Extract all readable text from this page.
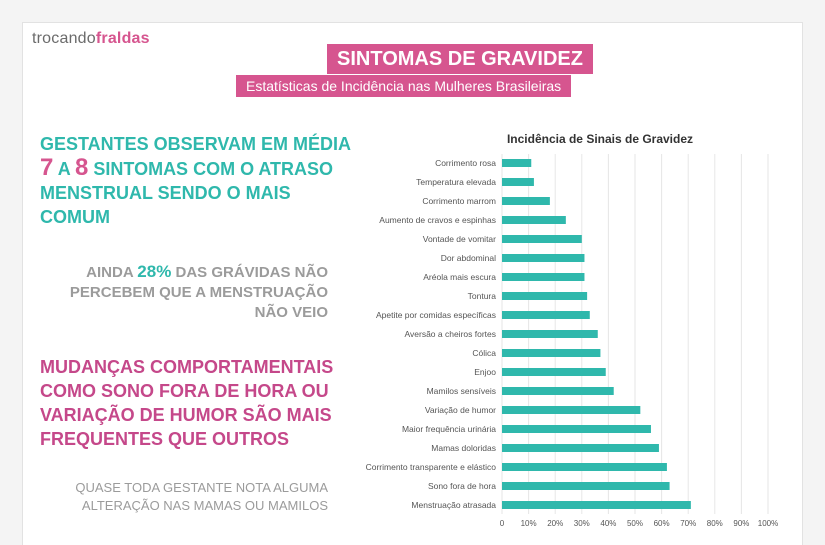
trocandofraldas
SINTOMAS DE GRAVIDEZ
Estatísticas de Incidência nas Mulheres Brasileiras
GESTANTES OBSERVAM EM MÉDIA 7 A 8 SINTOMAS COM O ATRASO MENSTRUAL SENDO O MAIS COMUM
AINDA 28% DAS GRÁVIDAS NÃO PERCEBEM QUE A MENSTRUAÇÃO NÃO VEIO
MUDANÇAS COMPORTAMENTAIS COMO SONO FORA DE HORA OU VARIAÇÃO DE HUMOR SÃO MAIS FREQUENTES QUE OUTROS
QUASE TODA GESTANTE NOTA ALGUMA ALTERAÇÃO NAS MAMAS OU MAMILOS
Incidência de Sinais de Gravidez
0 10% 20% 30% 40% 50% 60% 70% 80% 90% 100%
Corrimento rosa
Temperatura elevada
Corrimento marrom
Aumento de cravos e espinhas
Vontade de vomitar
Dor abdominal
Aréola mais escura
Tontura
Apetite por comidas específicas
Aversão a cheiros fortes
Cólica
Enjoo
Mamilos sensíveis
Variação de humor
Maior frequência urinária
Mamas doloridas
Corrimento transparente e elástico
Sono fora de hora
Menstruação atrasada
